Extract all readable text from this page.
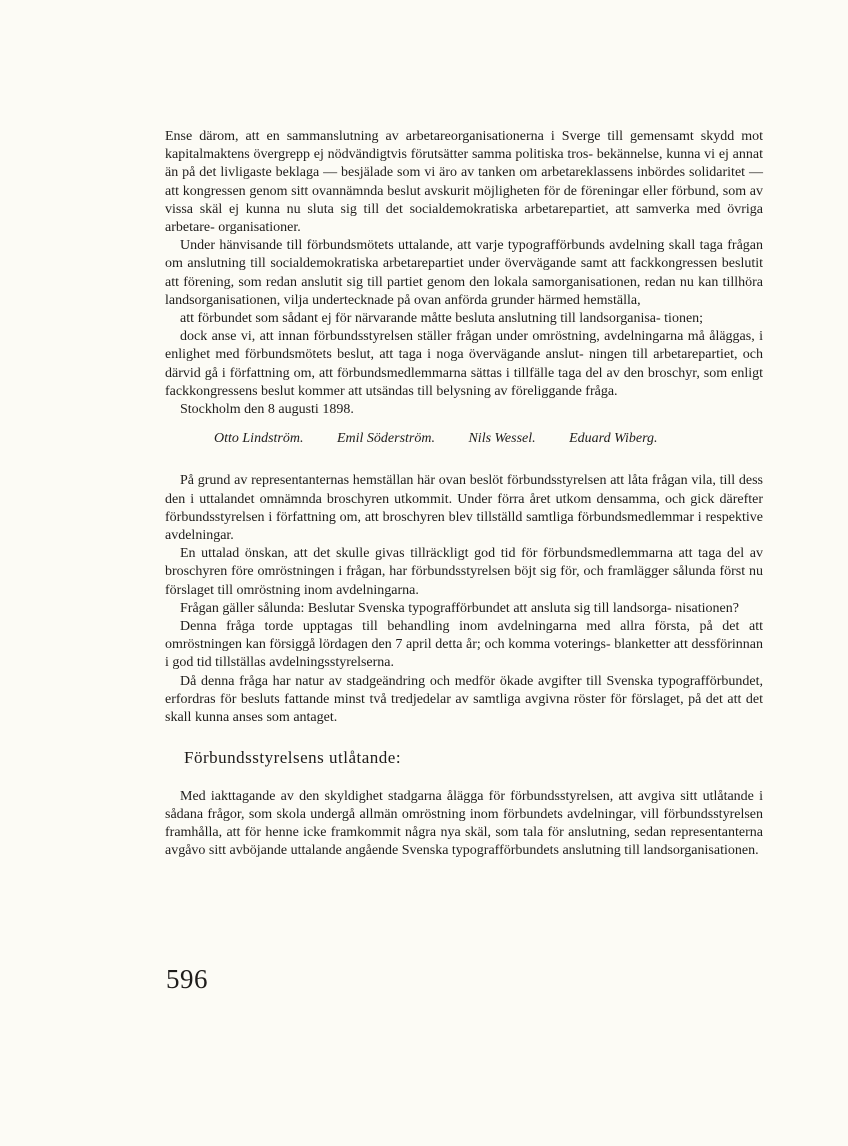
Ense därom, att en sammanslutning av arbetareorganisationerna i Sverge till gemensamt skydd mot kapitalmaktens övergrepp ej nödvändigtvis förutsätter samma politiska tros‑ bekännelse, kunna vi ej annat än på det livligaste beklaga — besjälade som vi äro av tanken om arbetareklassens inbördes solidaritet — att kongressen genom sitt ovannämnda beslut avskurit möjligheten för de föreningar eller förbund, som av vissa skäl ej kunna nu sluta sig till det socialdemokratiska arbetarepartiet, att samverka med övriga arbetare‑ organisationer.

Under hänvisande till förbundsmötets uttalande, att varje typografförbunds avdelning skall taga frågan om anslutning till socialdemokratiska arbetarepartiet under övervägande samt att fackkongressen beslutit att förening, som redan anslutit sig till partiet genom den lokala samorganisationen, redan nu kan tillhöra landsorganisationen, vilja undertecknade på ovan anförda grunder härmed hemställa,

att förbundet som sådant ej för närvarande måtte besluta anslutning till landsorganisa‑ tionen;

dock anse vi, att innan förbundsstyrelsen ställer frågan under omröstning, avdelningarna må åläggas, i enlighet med förbundsmötets beslut, att taga i noga övervägande anslut‑ ningen till arbetarepartiet, och därvid gå i författning om, att förbundsmedlemmarna sättas i tillfälle taga del av den broschyr, som enligt fackkongressens beslut kommer att utsändas till belysning av föreliggande fråga.

Stockholm den 8 augusti 1898.

Otto Lindström. Emil Söderström. Nils Wessel. Eduard Wiberg.

På grund av representanternas hemställan här ovan beslöt förbundsstyrelsen att låta frågan vila, till dess den i uttalandet omnämnda broschyren utkommit. Under förra året utkom densamma, och gick därefter förbundsstyrelsen i författning om, att broschyren blev tillställd samtliga förbundsmedlemmar i respektive avdelningar.

En uttalad önskan, att det skulle givas tillräckligt god tid för förbundsmedlemmarna att taga del av broschyren före omröstningen i frågan, har förbundsstyrelsen böjt sig för, och framlägger sålunda först nu förslaget till omröstning inom avdelningarna.

Frågan gäller sålunda: Beslutar Svenska typografförbundet att ansluta sig till landsorga‑ nisationen?

Denna fråga torde upptagas till behandling inom avdelningarna med allra första, på det att omröstningen kan försiggå lördagen den 7 april detta år; och komma voterings‑ blanketter att dessförinnan i god tid tillställas avdelningsstyrelserna.

Då denna fråga har natur av stadgeändring och medför ökade avgifter till Svenska typografförbundet, erfordras för besluts fattande minst två tredjedelar av samtliga avgivna röster för förslaget, på det att det skall kunna anses som antaget.

Förbundsstyrelsens utlåtande:

Med iakttagande av den skyldighet stadgarna ålägga för förbundsstyrelsen, att avgiva sitt utlåtande i sådana frågor, som skola undergå allmän omröstning inom förbundets avdelningar, vill förbundsstyrelsen framhålla, att för henne icke framkommit några nya skäl, som tala för anslutning, sedan representanterna avgåvo sitt avböjande uttalande angående Svenska typografförbundets anslutning till landsorganisationen.

596
